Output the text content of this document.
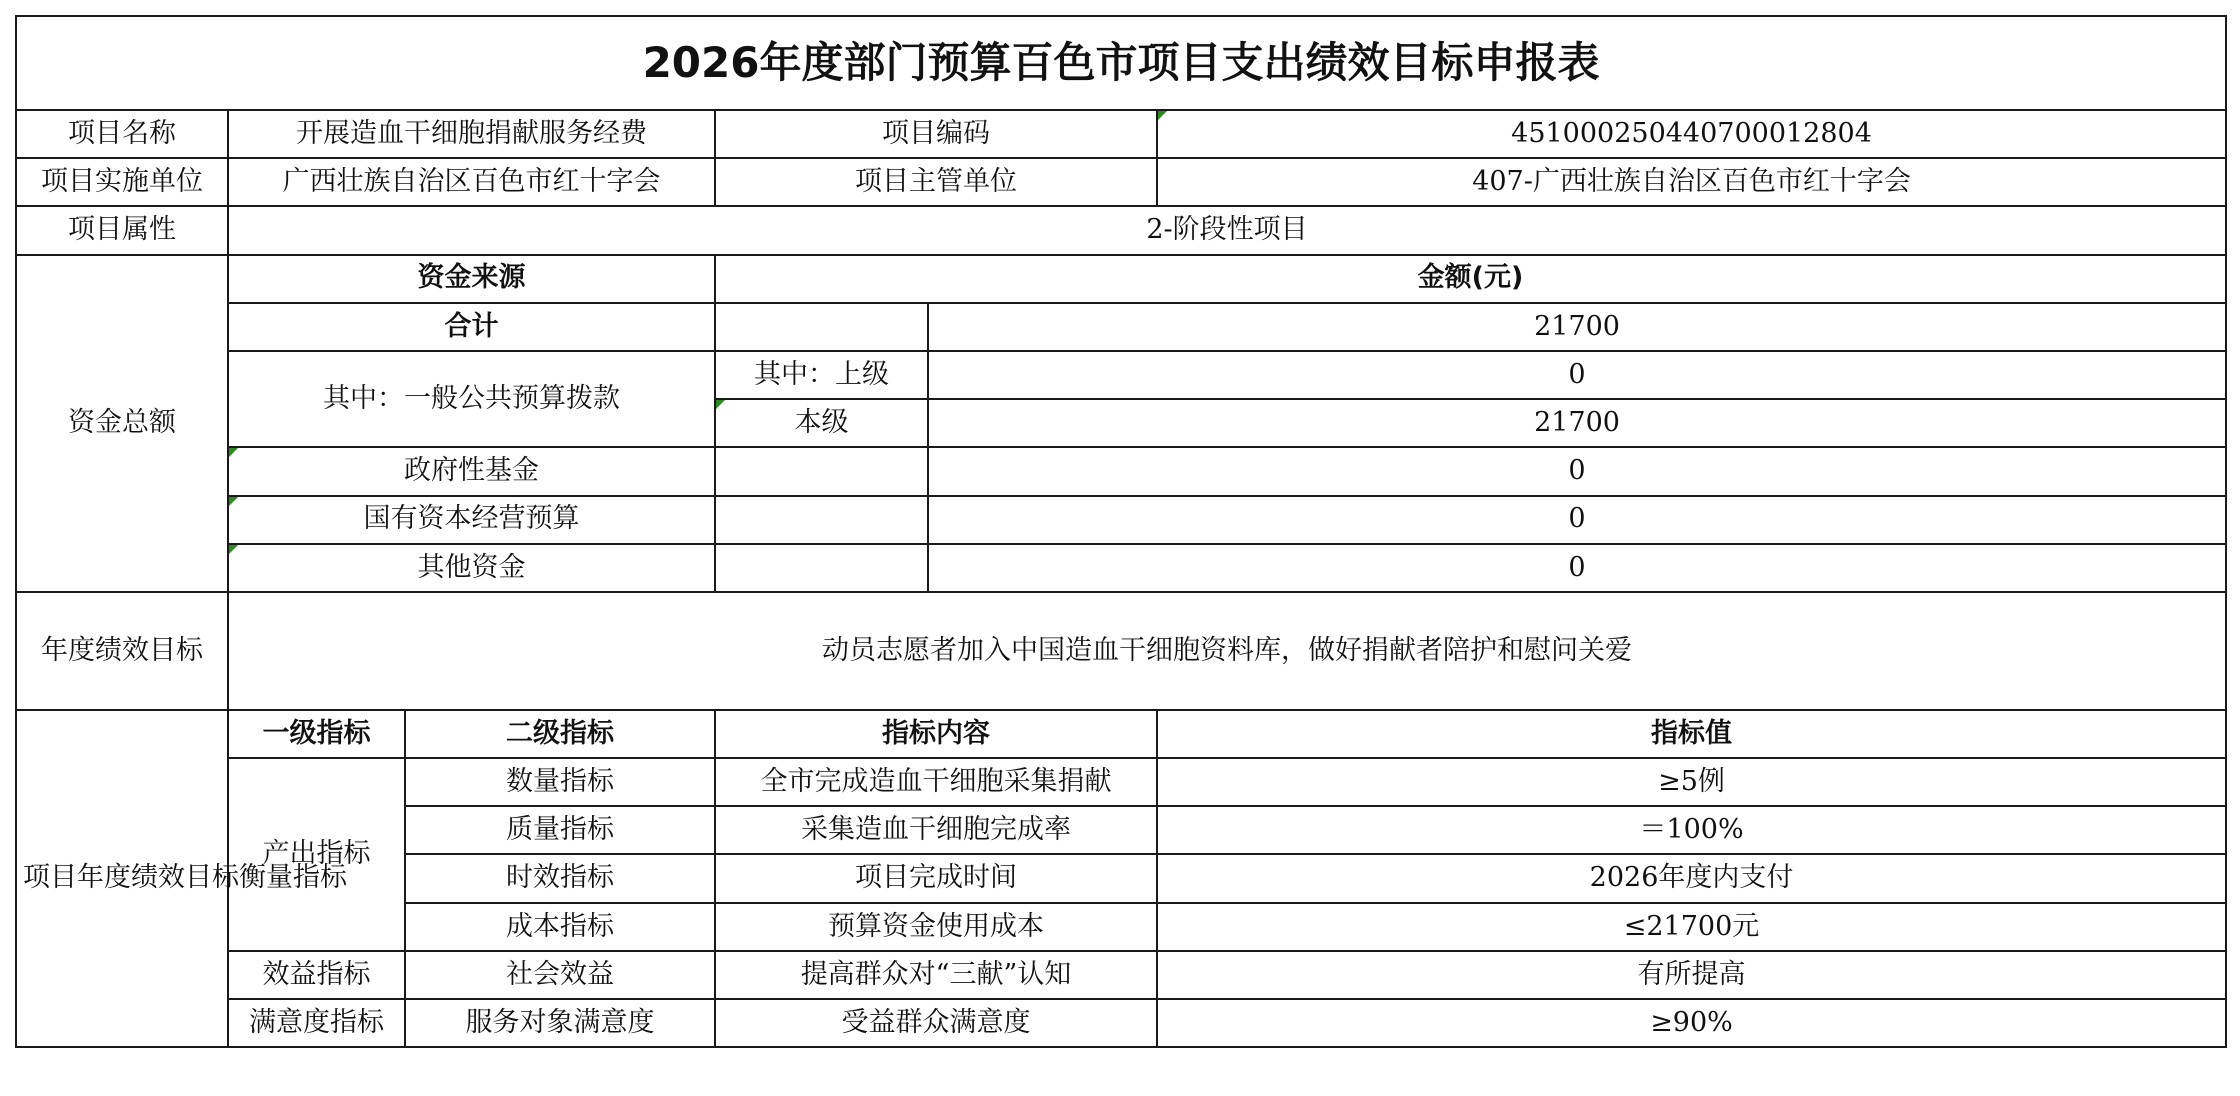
2026年度部门预算百色市项目支出绩效目标申报表					
项目名称	开展造血干细胞捐献服务经费		项目编码		451000250440700012804
项目实施单位	广西壮族自治区百色市红十字会		项目主管单位		407-广西壮族自治区百色市红十字会
项目属性	2-阶段性项目				
资金总额	资金来源		金额(元)		
	合计			21700	
	其中：一般公共预算拨款		其中：上级	0	
			本级	21700	
	政府性基金			0	
	国有资本经营预算			0	
	其他资金			0	
年度绩效目标	动员志愿者加入中国造血干细胞资料库，做好捐献者陪护和慰问关爱				
项目年度绩效目标衡量指标	一级指标	二级指标	指标内容		指标值
	产出指标	数量指标	全市完成造血干细胞采集捐献		≥5例
		质量指标	采集造血干细胞完成率		＝100%
		时效指标	项目完成时间		2026年度内支付
		成本指标	预算资金使用成本		≤21700元
	效益指标	社会效益	提高群众对“三献”认知		有所提高
	满意度指标	服务对象满意度	受益群众满意度		≥90%
